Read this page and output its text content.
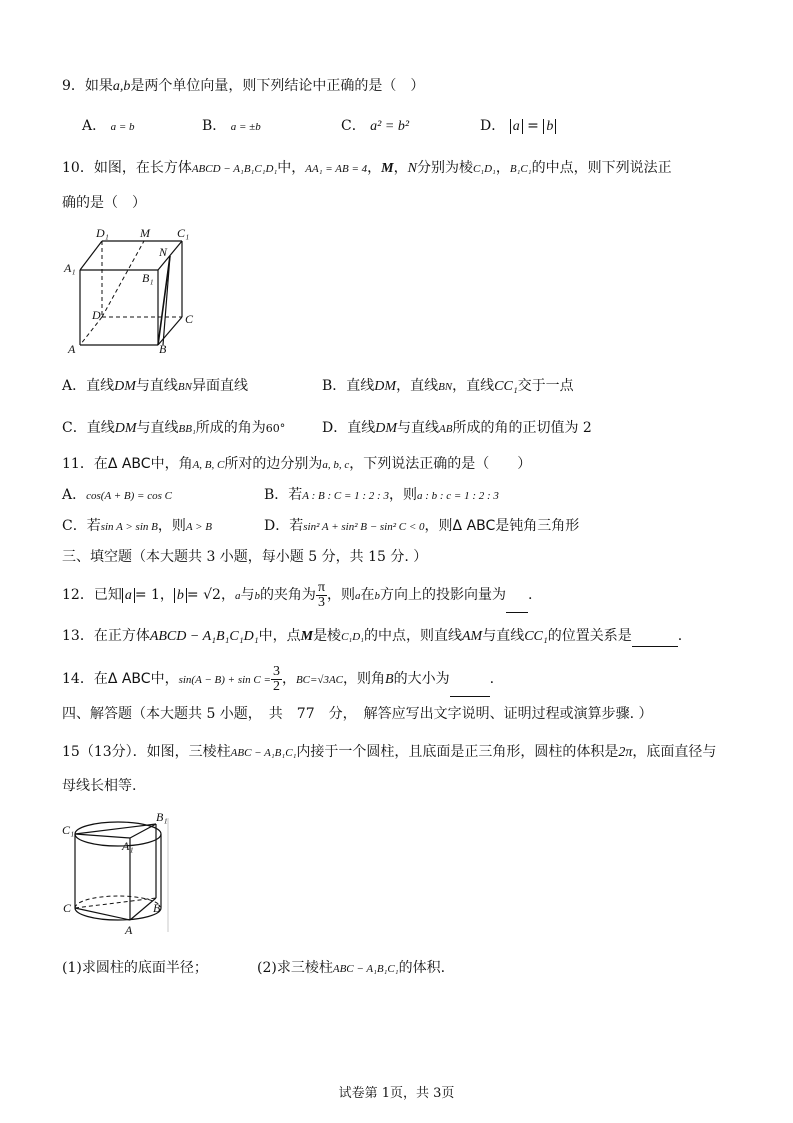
9．如果a,b是两个单位向量，则下列结论中正确的是（　）
A． a = b	B． a = ±b	C． a² = b²	D． a = b
10．如图，在长方体ABCD − A₁B₁C₁D₁中，AA₁ = AB = 4，M，N分别为棱C₁D₁，B₁C₁的中点，则下列说法正
确的是（　）
D₁	M C₁
A₁
N
B₁
D	C
A	B
A．直线DM与直线BN异面直线	B．直线DM，直线BN，直线CC₁交于一点
C．直线DM与直线BB₁所成的角为60°	D．直线DM与直线AB所成的角的正切值为 2
11．在Δ ABC中，角A, B, C所对的边分别为a, b, c，下列说法正确的是（　　）
A．cos(A + B) = cos C	B．若A : B : C = 1 : 2 : 3，则a : b : c = 1 : 2 : 3
C．若sin A > sin B，则A > B	D．若sin² A + sin² B − sin² C < 0，则Δ ABC是钝角三角形
三、填空题（本大题共 3 小题，每小题 5 分，共 15 分. ）
12．已知 a = 1， b = √2，a与b的夹角为 $\frac{\pi}{3}$ ，则a在b方向上的投影向量为 .
13．在正方体ABCD − A₁B₁C₁D₁中，点M是棱C₁D₁的中点，则直线AM与直线CC₁的位置关系是	.
14．在Δ ABC中，$\sin(A - B) + \sin C = \frac{3}{2}$ ，BC=√3AC，则角B的大小为	.
四、解答题（本大题共 5 小题，　共　77　分，　解答应写出文字说明、证明过程或演算步骤. ）
15（13分）．如图，三棱柱ABC − A₁B₁C₁内接于一个圆柱，且底面是正三角形，圆柱的体积是2π，底面直径与
母线长相等.
C₁
B₁
A₁
C	B
A
(1)求圆柱的底面半径；	(2)求三棱柱ABC − A₁B₁C₁的体积.
试卷第 1页，共 3页
